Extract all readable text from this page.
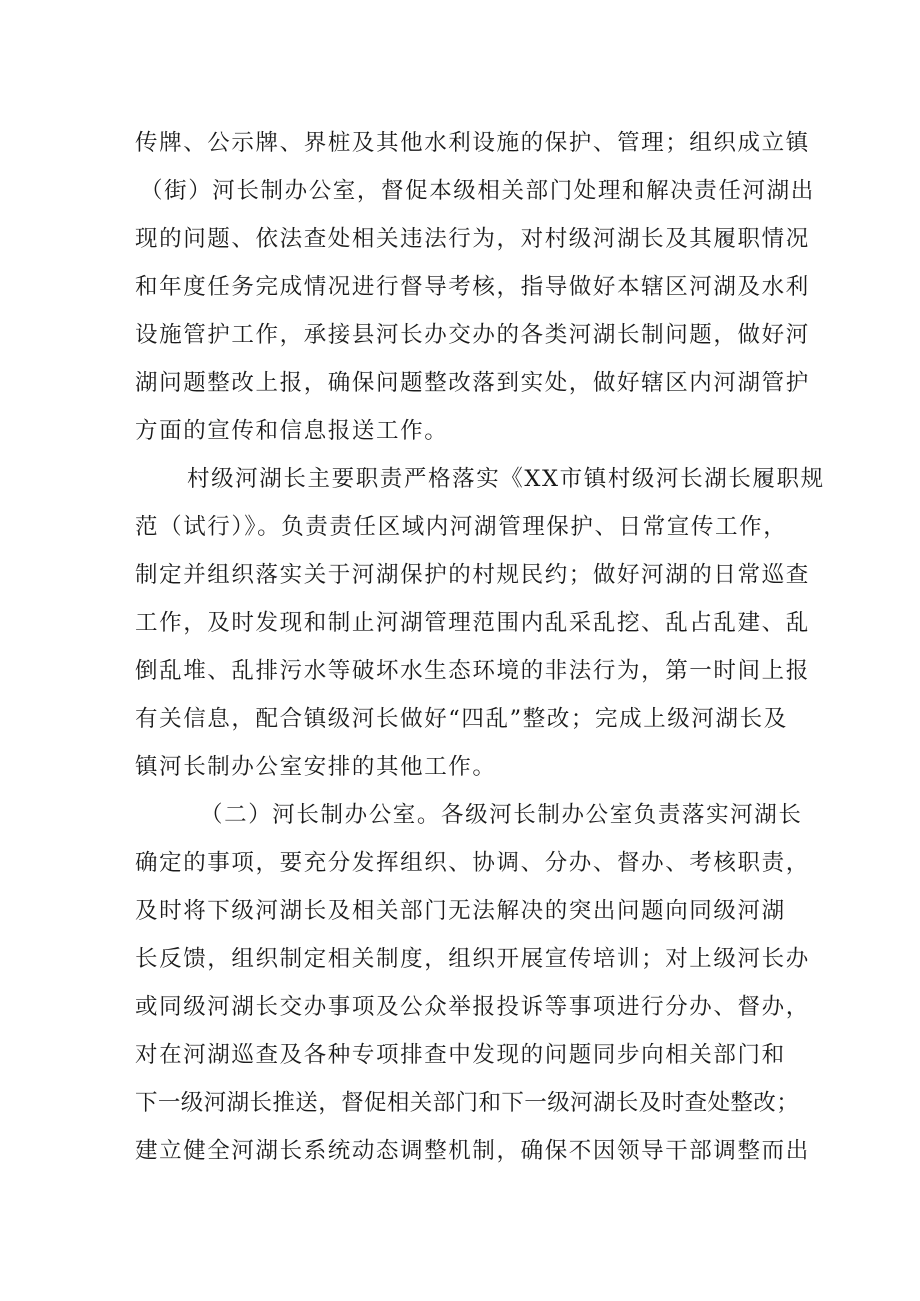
传牌、公示牌、界桩及其他水利设施的保护、管理；组织成立镇
（街）河长制办公室，督促本级相关部门处理和解决责任河湖出
现的问题、依法查处相关违法行为，对村级河湖长及其履职情况
和年度任务完成情况进行督导考核，指导做好本辖区河湖及水利
设施管护工作，承接县河长办交办的各类河湖长制问题，做好河
湖问题整改上报，确保问题整改落到实处，做好辖区内河湖管护
方面的宣传和信息报送工作。
村级河湖长主要职责严格落实《XX市镇村级河长湖长履职规
范（试行）》。负责责任区域内河湖管理保护、日常宣传工作，
制定并组织落实关于河湖保护的村规民约；做好河湖的日常巡查
工作，及时发现和制止河湖管理范围内乱采乱挖、乱占乱建、乱
倒乱堆、乱排污水等破坏水生态环境的非法行为，第一时间上报
有关信息，配合镇级河长做好“四乱”整改；完成上级河湖长及
镇河长制办公室安排的其他工作。
（二）河长制办公室。各级河长制办公室负责落实河湖长
确定的事项，要充分发挥组织、协调、分办、督办、考核职责，
及时将下级河湖长及相关部门无法解决的突出问题向同级河湖
长反馈，组织制定相关制度，组织开展宣传培训；对上级河长办
或同级河湖长交办事项及公众举报投诉等事项进行分办、督办，
对在河湖巡查及各种专项排查中发现的问题同步向相关部门和
下一级河湖长推送，督促相关部门和下一级河湖长及时查处整改；
建立健全河湖长系统动态调整机制，确保不因领导干部调整而出
